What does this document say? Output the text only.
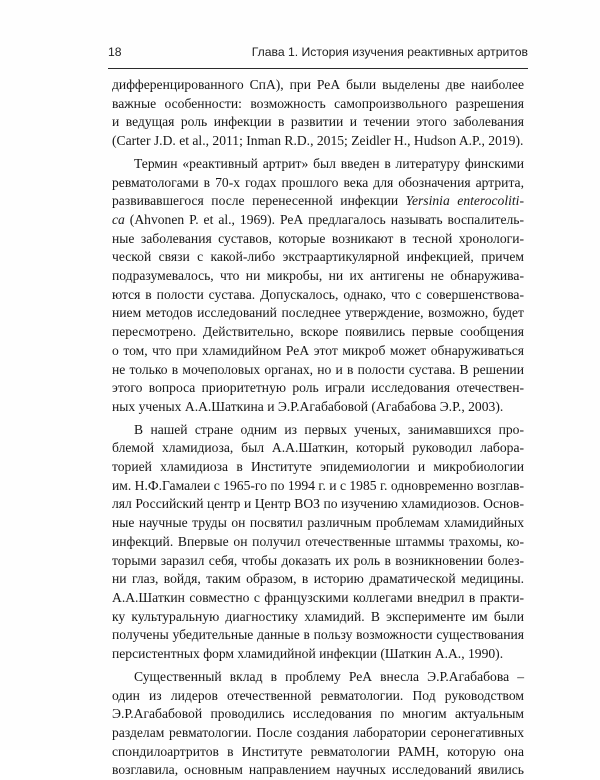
18	Глава 1. История изучения реактивных артритов

дифференцированного СпА), при РеА были выделены две наиболее
важные особенности: возможность самопроизвольного разрешения
и ведущая роль инфекции в развитии и течении этого заболевания
(Carter J.D. et al., 2011; Inman R.D., 2015; Zeidler H., Hudson A.P., 2019).

Термин «реактивный артрит» был введен в литературу финскими
ревматологами в 70-х годах прошлого века для обозначения артрита,
развивавшегося после перенесенной инфекции Yersinia enterocoliti-
ca (Ahvonen P. et al., 1969). РеА предлагалось называть воспалитель-
ные заболевания суставов, которые возникают в тесной хронологи-
ческой связи с какой-либо экстраартикулярной инфекцией, причем
подразумевалось, что ни микробы, ни их антигены не обнаружива-
ются в полости сустава. Допускалось, однако, что с совершенствова-
нием методов исследований последнее утверждение, возможно, будет
пересмотрено. Действительно, вскоре появились первые сообщения
о том, что при хламидийном РеА этот микроб может обнаруживаться
не только в мочеполовых органах, но и в полости сустава. В решении
этого вопроса приоритетную роль играли исследования отечествен-
ных ученых А.А.Шаткина и Э.Р.Агабабовой (Агабабова Э.Р., 2003).

В нашей стране одним из первых ученых, занимавшихся про-
блемой хламидиоза, был А.А.Шаткин, который руководил лабора-
торией хламидиоза в Институте эпидемиологии и микробиологии
им. Н.Ф.Гамалеи с 1965-го по 1994 г. и с 1985 г. одновременно возглав-
лял Российский центр и Центр ВОЗ по изучению хламидиозов. Основ-
ные научные труды он посвятил различным проблемам хламидийных
инфекций. Впервые он получил отечественные штаммы трахомы, ко-
торыми заразил себя, чтобы доказать их роль в возникновении болез-
ни глаз, войдя, таким образом, в историю драматической медицины.
А.А.Шаткин совместно с французскими коллегами внедрил в практи-
ку культуральную диагностику хламидий. В эксперименте им были
получены убедительные данные в пользу возможности существования
персистентных форм хламидийной инфекции (Шаткин А.А., 1990).

Существенный вклад в проблему РеА внесла Э.Р.Агабабова –
один из лидеров отечественной ревматологии. Под руководством
Э.Р.Агабабовой проводились исследования по многим актуальным
разделам ревматологии. После создания лаборатории серонегативных
спондилоартритов в Институте ревматологии РАМН, которую она
возглавила, основным направлением научных исследований явились
